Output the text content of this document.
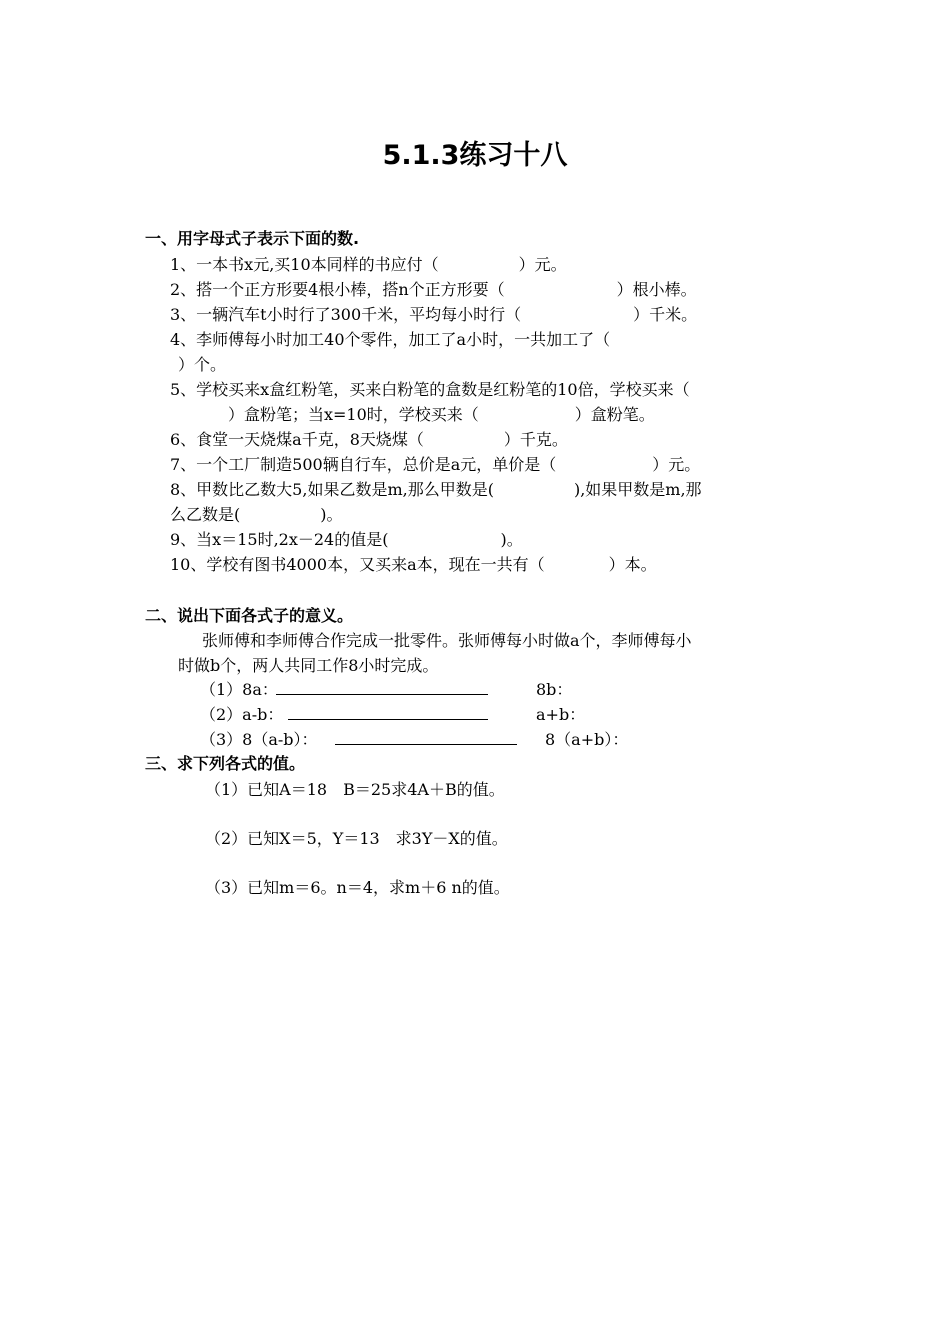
5.1.3练习十八
一、用字母式子表示下面的数.
1、一本书x元,买10本同样的书应付（　　　　　）元。
2、搭一个正方形要4根小棒，搭n个正方形要（　　　　　　　）根小棒。
3、一辆汽车t小时行了300千米，平均每小时行（　　　　　　　）千米。
4、李师傅每小时加工40个零件，加工了a小时，一共加工了（
）个。
5、学校买来x盒红粉笔，买来白粉笔的盒数是红粉笔的10倍，学校买来（
）盒粉笔；当x=10时，学校买来（　　　　　　）盒粉笔。
6、食堂一天烧煤a千克，8天烧煤（　　　　　）千克。
7、一个工厂制造500辆自行车，总价是a元，单价是（　　　　　　）元。
8、甲数比乙数大5,如果乙数是m,那么甲数是(　　　　　),如果甲数是m,那
么乙数是(　　　　　)。
9、当x＝15时,2x－24的值是(　　　　　　　)。
10、学校有图书4000本，又买来a本，现在一共有（　　　　）本。
二、说出下面各式子的意义。
张师傅和李师傅合作完成一批零件。张师傅每小时做a个，李师傅每小
时做b个，两人共同工作8小时完成。
（1）8a：	8b：
（2）a-b：	a+b：
（3）8（a-b）：	8（a+b）：
三、求下列各式的值。
（1）已知A＝18　B＝25求4A＋B的值。
（2）已知X＝5，Y＝13　求3Y－X的值。
（3）已知m＝6。n＝4，求m＋6 n的值。
